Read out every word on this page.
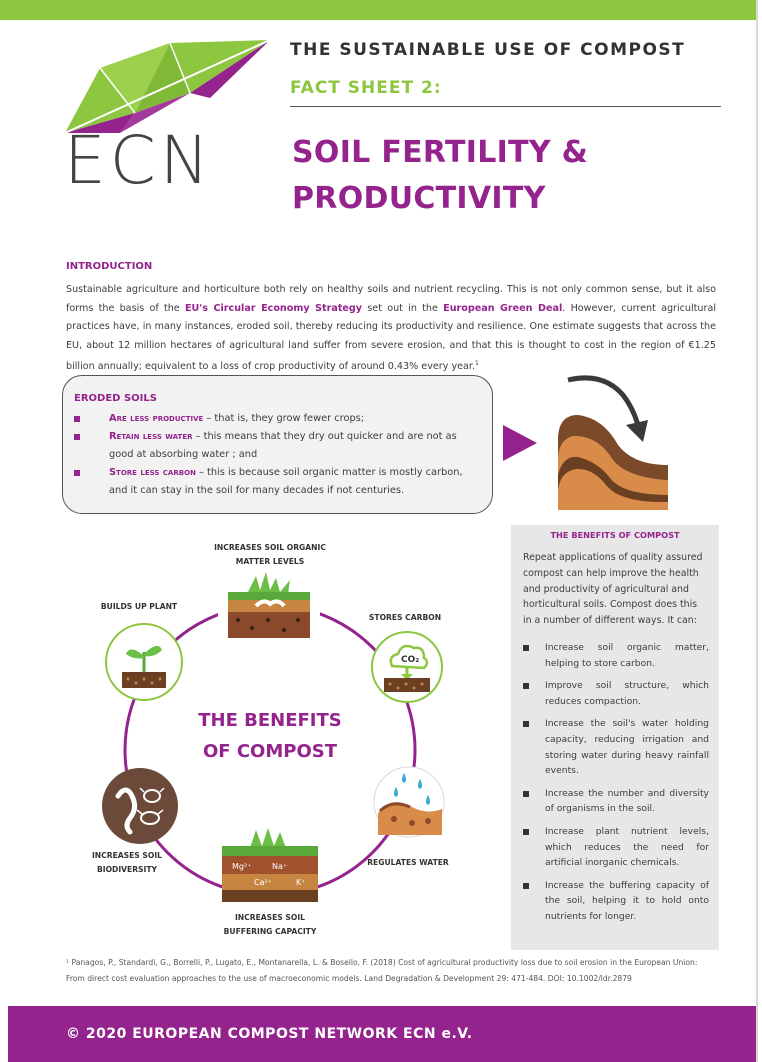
ECN
THE SUSTAINABLE USE OF COMPOST
FACT SHEET 2:
SOIL FERTILITY &
PRODUCTIVITY
INTRODUCTION
Sustainable agriculture and horticulture both rely on healthy soils and nutrient recycling. This is not only common sense, but it also forms the basis of the EU's Circular Economy Strategy set out in the European Green Deal. However, current agricultural practices have, in many instances, eroded soil, thereby reducing its productivity and resilience. One estimate suggests that across the EU, about 12 million hectares of agricultural land suffer from severe erosion, and that this is thought to cost in the region of €1.25 billion annually; equivalent to a loss of crop productivity of around 0.43% every year.$^1$
ERODED SOILS
Are less productive – that is, they grow fewer crops;
Retain less water – this means that they dry out quicker and are not as good at absorbing water ; and
Store less carbon – this is because soil organic matter is mostly carbon, and it can stay in the soil for many decades if not centuries.
THE BENEFITS
OF COMPOST
INCREASES SOIL ORGANIC
MATTER LEVELS
STORES CARBON
CO₂
REGULATES WATER
Mg²⁺	Na⁺
Ca²⁺	K⁺
INCREASES SOIL
BUFFERING CAPACITY
INCREASES SOIL
BIODIVERSITY
BUILDS UP PLANT
THE BENEFITS OF COMPOST
Repeat applications of quality assured compost can help improve the health and productivity of agricultural and horticultural soils. Compost does this in a number of different ways. It can:
Increase soil organic matter, helping to store carbon.
Improve soil structure, which reduces compaction.
Increase the soil's water holding capacity, reducing irrigation and storing water during heavy rainfall events.
Increase the number and diversity of organisms in the soil.
Increase plant nutrient levels, which reduces the need for artificial inorganic chemicals.
Increase the buffering capacity of the soil, helping it to hold onto nutrients for longer.
¹ Panagos, P., Standardi, G., Borrelli, P., Lugato, E., Montanarella, L. & Bosello, F. (2018) Cost of agricultural productivity loss due to soil erosion in the European Union: From direct cost evaluation approaches to the use of macroeconomic models. Land Degradation & Development 29: 471-484. DOI: 10.1002/ldr.2879
© 2020 EUROPEAN COMPOST NETWORK ECN e.V.
